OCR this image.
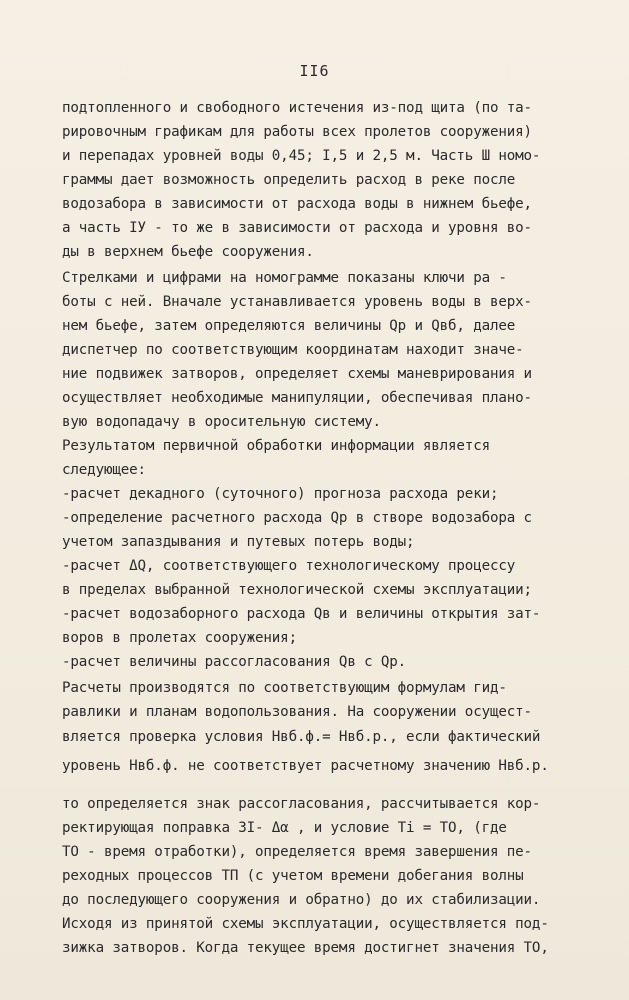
II6
подтопленного и свободного истечения из-под щита (по та-
рировочным графикам для работы всех пролетов сооружения)
и перепадах уровней воды 0,45; I,5 и 2,5 м. Часть Ш номо-
граммы дает возможность определить расход в реке после
водозабора в зависимости от расхода воды в нижнем бьефе,
а часть IУ - то же в зависимости от расхода и уровня во-
ды в верхнем бьефе сооружения.
Стрелками и цифрами на номограмме показаны ключи ра -
боты с ней. Вначале устанавливается уровень воды в верх-
нем бьефе, затем определяются величины Qр и Qвб, далее
диспетчер по соответствующим координатам находит значе-
ние подвижек затворов, определяет схемы маневрирования и
осуществляет необходимые манипуляции, обеспечивая плано-
вую водопадачу в оросительную систему.
Результатом первичной обработки информации является
следующее:
-расчет декадного (суточного) прогноза расхода реки;
-определение расчетного расхода Qр в створе водозабора с
учетом запаздывания и путевых потерь воды;
-расчет ΔQ, соответствующего технологическому процессу
в пределах выбранной технологической схемы эксплуатации;
-расчет водозаборного расхода Qв и величины открытия зат-
воров в пролетах сооружения;
-расчет величины рассогласования Qв с Qр.
Расчеты производятся по соответствующим формулам гид-
равлики и планам водопользования. На сооружении осущест-
вляется проверка условия Hвб.ф.= Hвб.р., если фактический
уровень Hвб.ф. не соответствует расчетному значению Hвб.р.
то определяется знак рассогласования, рассчитывается кор-
ректирующая поправка ЗI- Δα , и условие Ti = ТО, (где
ТО - время отработки), определяется время завершения пе-
реходных процессов ТП (с учетом времени добегания волны
до последующего сооружения и обратно) до их стабилизации.
Исходя из принятой схемы эксплуатации, осуществляется под-
зижка затворов. Когда текущее время достигнет значения ТО,
